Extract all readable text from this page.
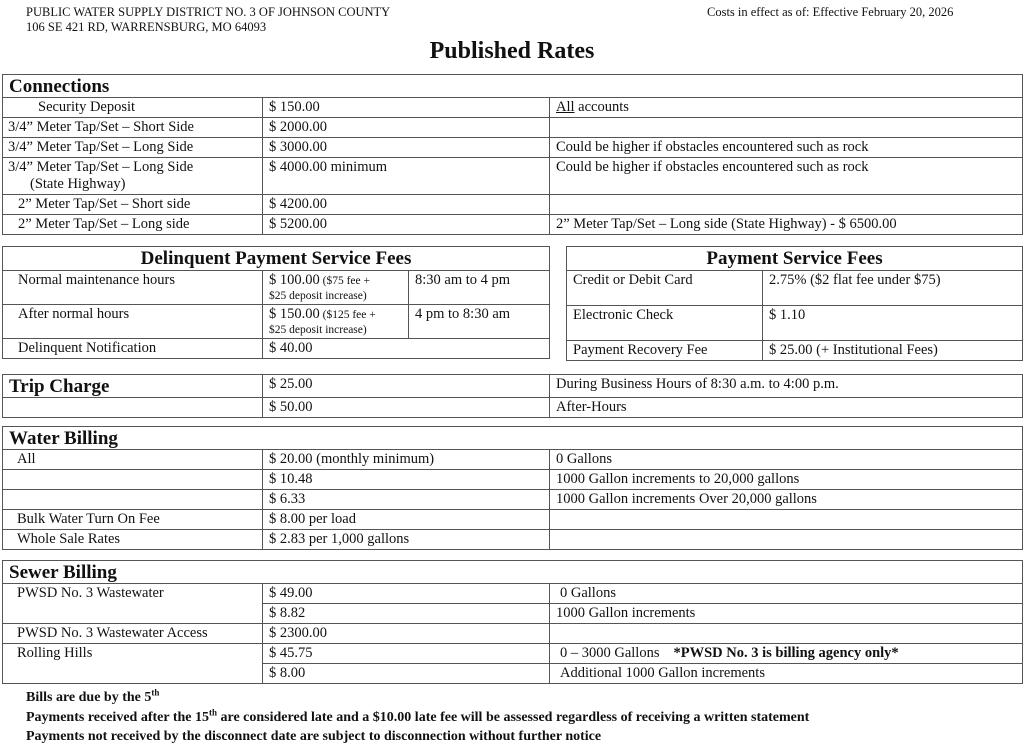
PUBLIC WATER SUPPLY DISTRICT NO. 3 OF JOHNSON COUNTY
106 SE 421 RD, WARRENSBURG, MO 64093
Costs in effect as of: Effective February 20, 2026
Published Rates
Connections		
Security Deposit	$ 150.00	All accounts
3/4” Meter Tap/Set – Short Side	$ 2000.00	
3/4” Meter Tap/Set – Long Side	$ 3000.00	Could be higher if obstacles encountered such as rock

3/4” Meter Tap/Set – Long Side
(State Highway)	$ 4000.00 minimum	Could be higher if obstacles encountered such as rock
2” Meter Tap/Set – Short side	$ 4200.00	
2” Meter Tap/Set – Long side	$ 5200.00	2” Meter Tap/Set – Long side (State Highway) - $ 6500.00
Delinquent Payment Service Fees		
Normal maintenance hours	$ 100.00 ($75 fee +
$25 deposit increase)	8:30 am to 4 pm
After normal hours	$ 150.00 ($125 fee +
$25 deposit increase)	4 pm to 8:30 am
Delinquent Notification	$ 40.00	
Payment Service Fees	
Credit or Debit Card	2.75% ($2 flat fee under $75)
Electronic Check	$ 1.10
Payment Recovery Fee	$ 25.00 (+ Institutional Fees)
Trip Charge	$ 25.00	During Business Hours of 8:30 a.m. to 4:00 p.m.
	$ 50.00	After-Hours
Water Billing		
All	$ 20.00 (monthly minimum)	0 Gallons
	$ 10.48	1000 Gallon increments to 20,000 gallons
	$ 6.33	1000 Gallon increments Over 20,000 gallons
Bulk Water Turn On Fee	$ 8.00 per load	
Whole Sale Rates	$ 2.83 per 1,000 gallons	
Sewer Billing		
PWSD No. 3 Wastewater	$ 49.00	0 Gallons
	$ 8.82	1000 Gallon increments
PWSD No. 3 Wastewater Access	$ 2300.00	
Rolling Hills	$ 45.75	0 – 3000 Gallons *PWSD No. 3 is billing agency only*
	$ 8.00	Additional 1000 Gallon increments
Bills are due by the 5th
Payments received after the 15th are considered late and a $10.00 late fee will be assessed regardless of receiving a written statement
Payments not received by the disconnect date are subject to disconnection without further notice
